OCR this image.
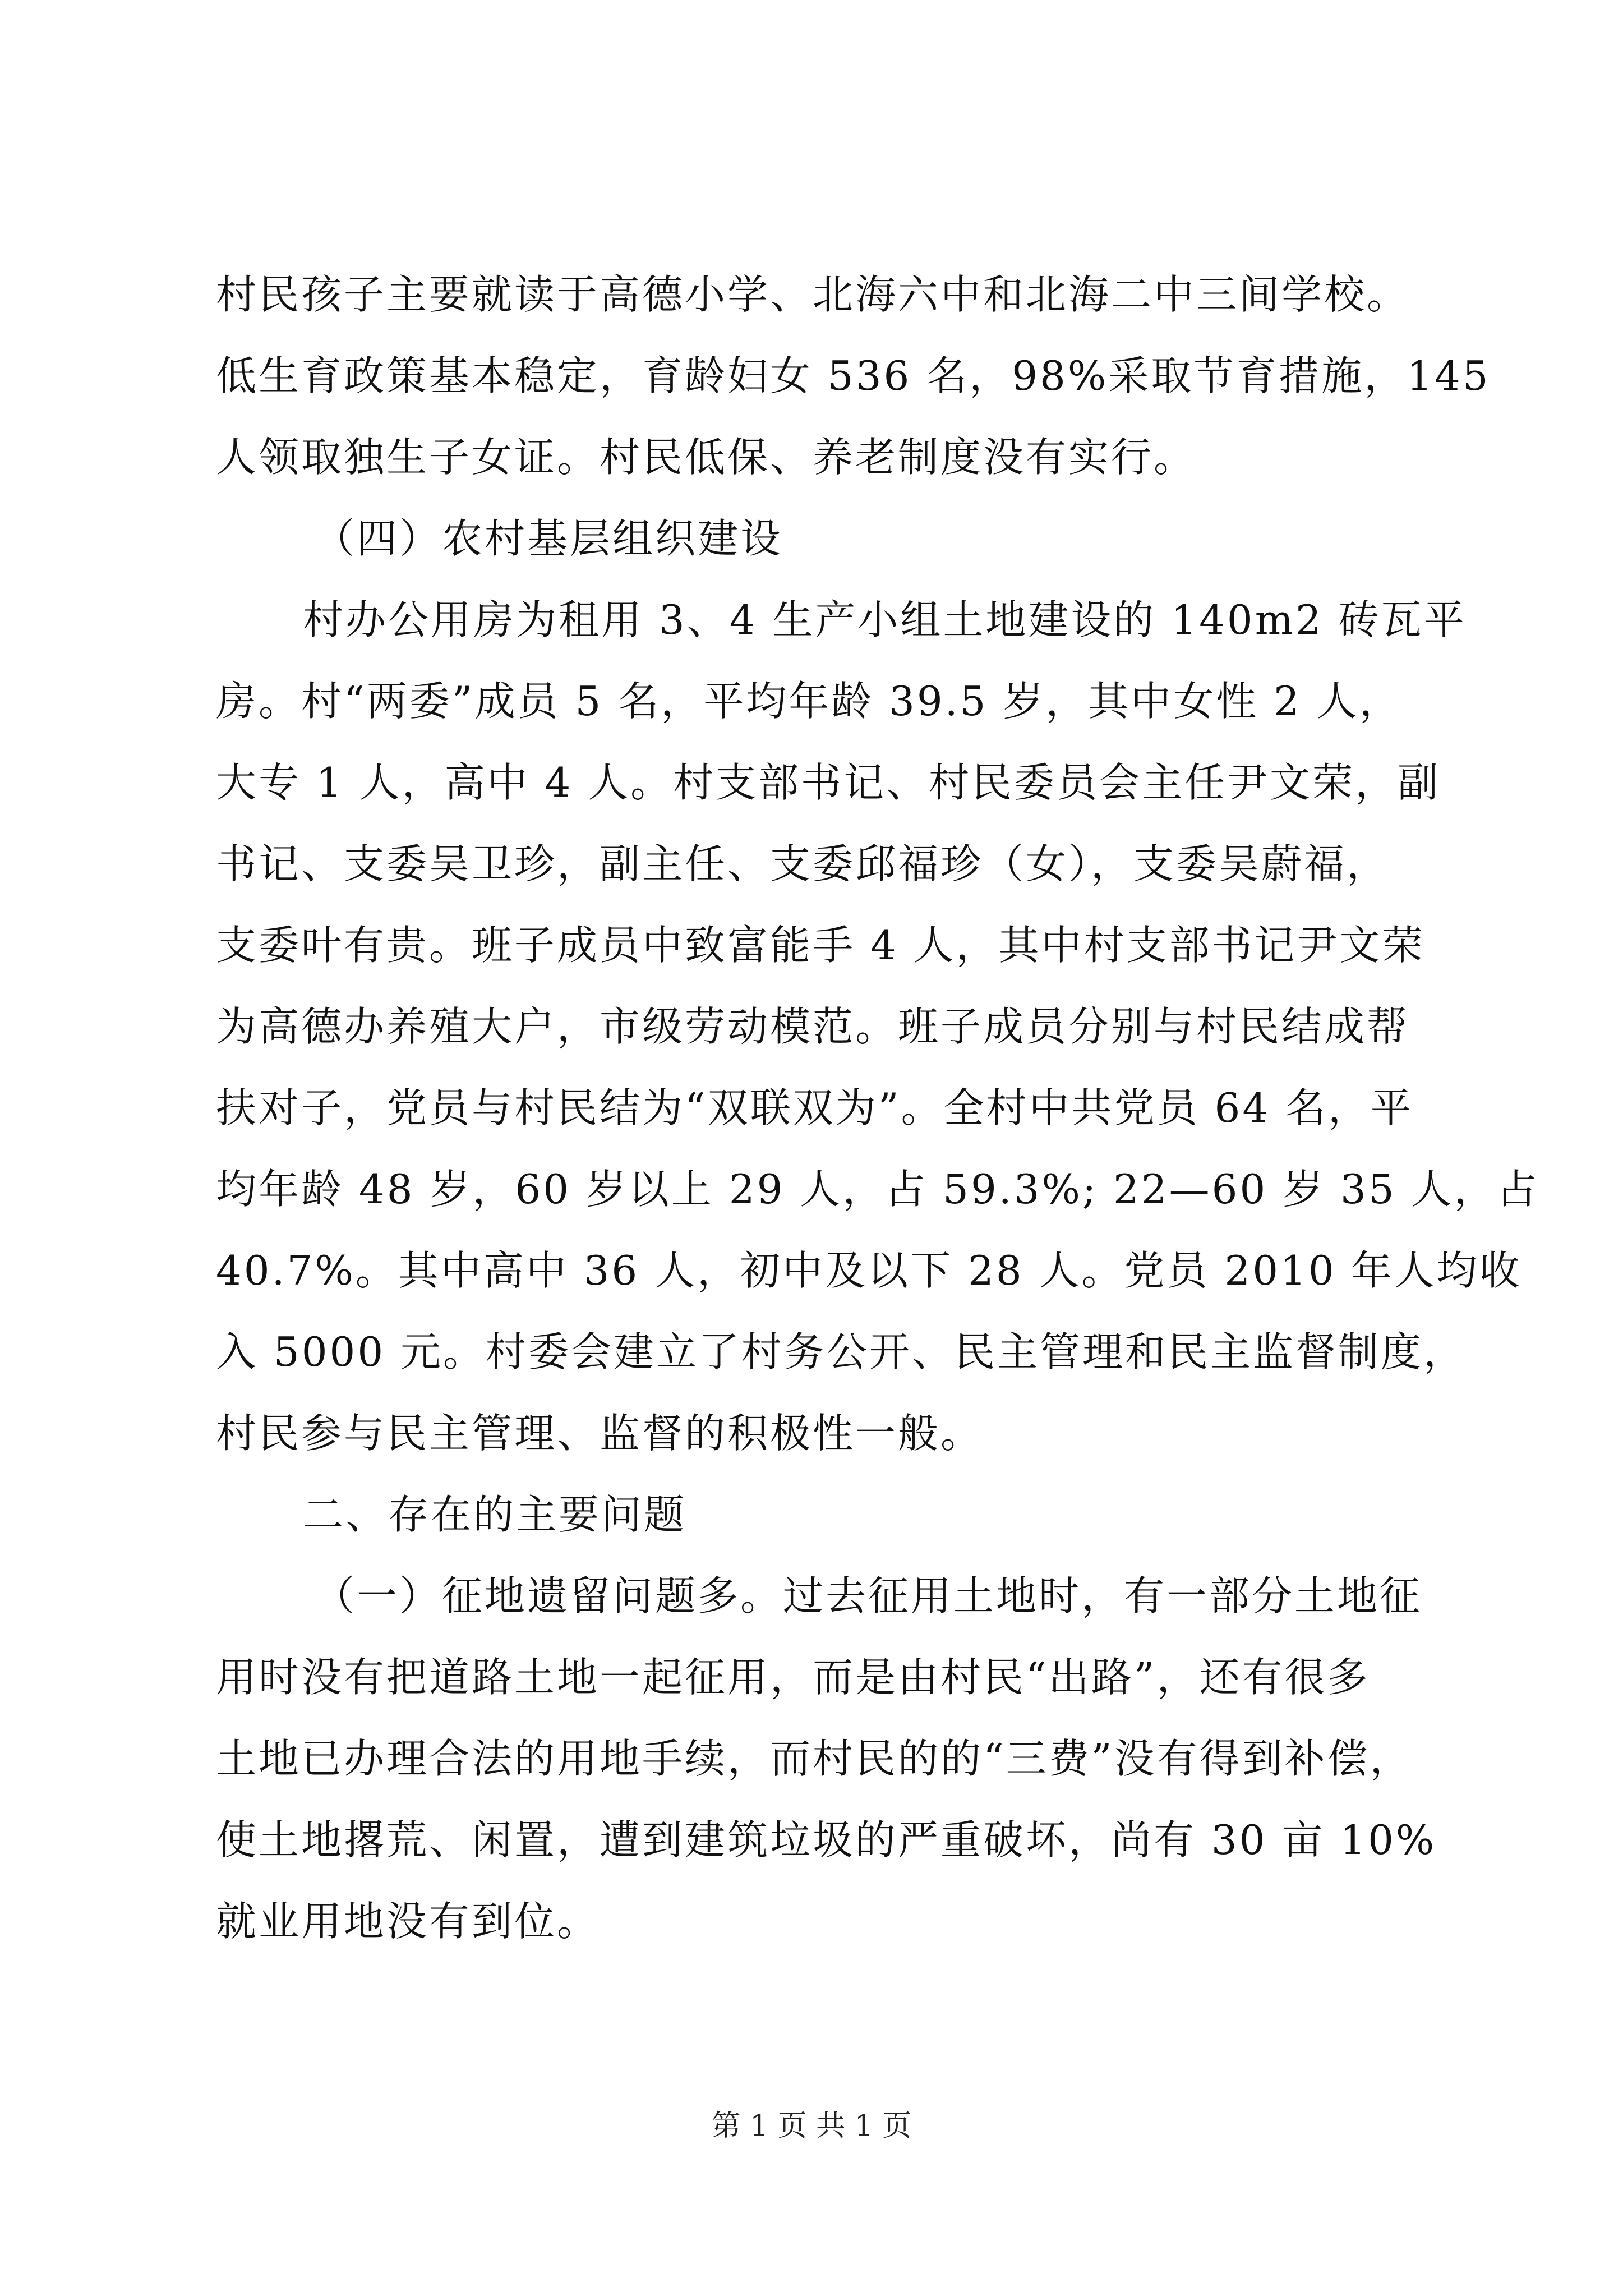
村民孩子主要就读于高德小学、北海六中和北海二中三间学校。
低生育政策基本稳定，育龄妇女 536 名，98%采取节育措施，145
人领取独生子女证。村民低保、养老制度没有实行。
（四）农村基层组织建设
村办公用房为租用 3、4 生产小组土地建设的 140m2 砖瓦平
房。村“两委”成员 5 名，平均年龄 39.5 岁，其中女性 2 人，
大专 1 人，高中 4 人。村支部书记、村民委员会主任尹文荣，副
书记、支委吴卫珍，副主任、支委邱福珍（女），支委吴蔚福，
支委叶有贵。班子成员中致富能手 4 人，其中村支部书记尹文荣
为高德办养殖大户，市级劳动模范。班子成员分别与村民结成帮
扶对子，党员与村民结为“双联双为”。全村中共党员 64 名，平
均年龄 48 岁，60 岁以上 29 人，占 59.3%; 22—60 岁 35 人，占
40.7%。其中高中 36 人，初中及以下 28 人。党员 2010 年人均收
入 5000 元。村委会建立了村务公开、民主管理和民主监督制度，
村民参与民主管理、监督的积极性一般。
二、存在的主要问题
（一）征地遗留问题多。过去征用土地时，有一部分土地征
用时没有把道路土地一起征用，而是由村民“出路”，还有很多
土地已办理合法的用地手续，而村民的的“三费”没有得到补偿，
使土地撂荒、闲置，遭到建筑垃圾的严重破坏，尚有 30 亩 10%
就业用地没有到位。
第 1 页 共 1 页
